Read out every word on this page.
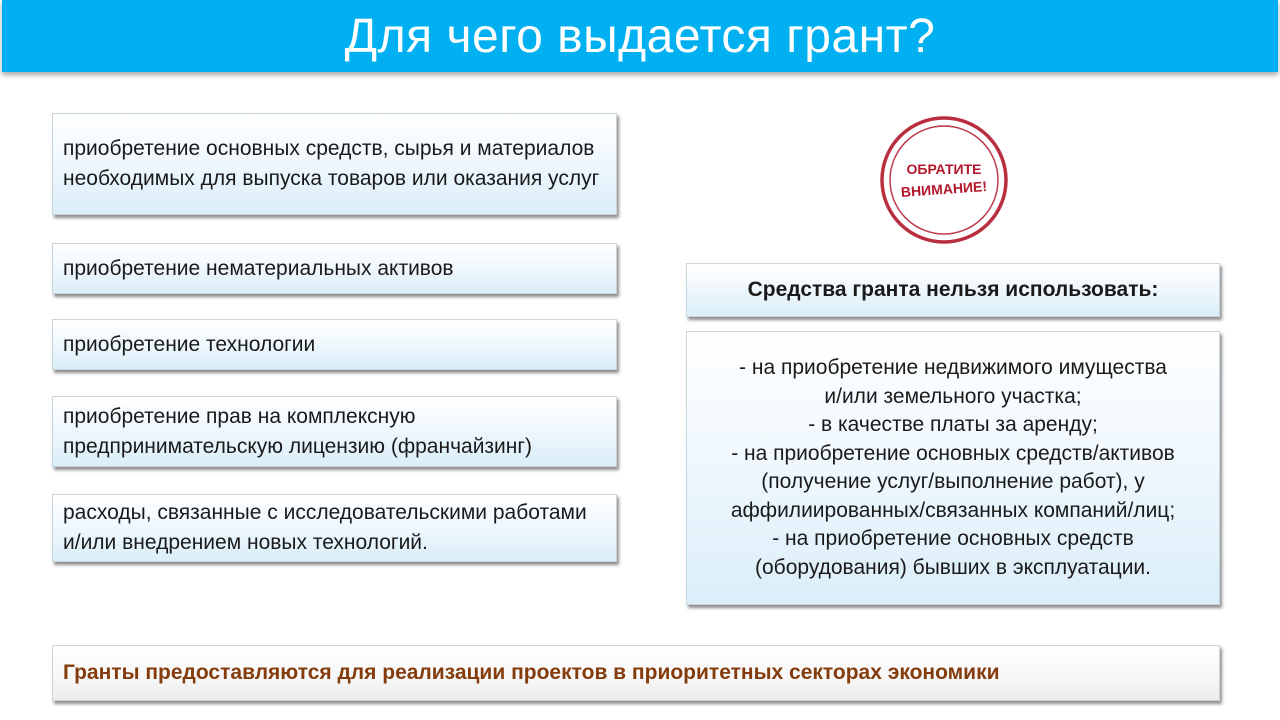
Для чего выдается грант?
приобретение основных средств, сырья и материалов необходимых для выпуска товаров или оказания услуг
приобретение нематериальных активов
приобретение технологии
приобретение прав на комплексную предпринимательскую лицензию (франчайзинг)
расходы, связанные с исследовательскими работами и/или внедрением новых технологий.
ОБРАТИТЕ
ВНИМАНИЕ!
Средства гранта нельзя использовать:
- на приобретение недвижимого имущества
и/или земельного участка;
- в качестве платы за аренду;
- на приобретение основных средств/активов
(получение услуг/выполнение работ), у
аффилиированных/связанных компаний/лиц;
- на приобретение основных средств
(оборудования) бывших в эксплуатации.
Гранты предоставляются для реализации проектов в приоритетных секторах экономики
